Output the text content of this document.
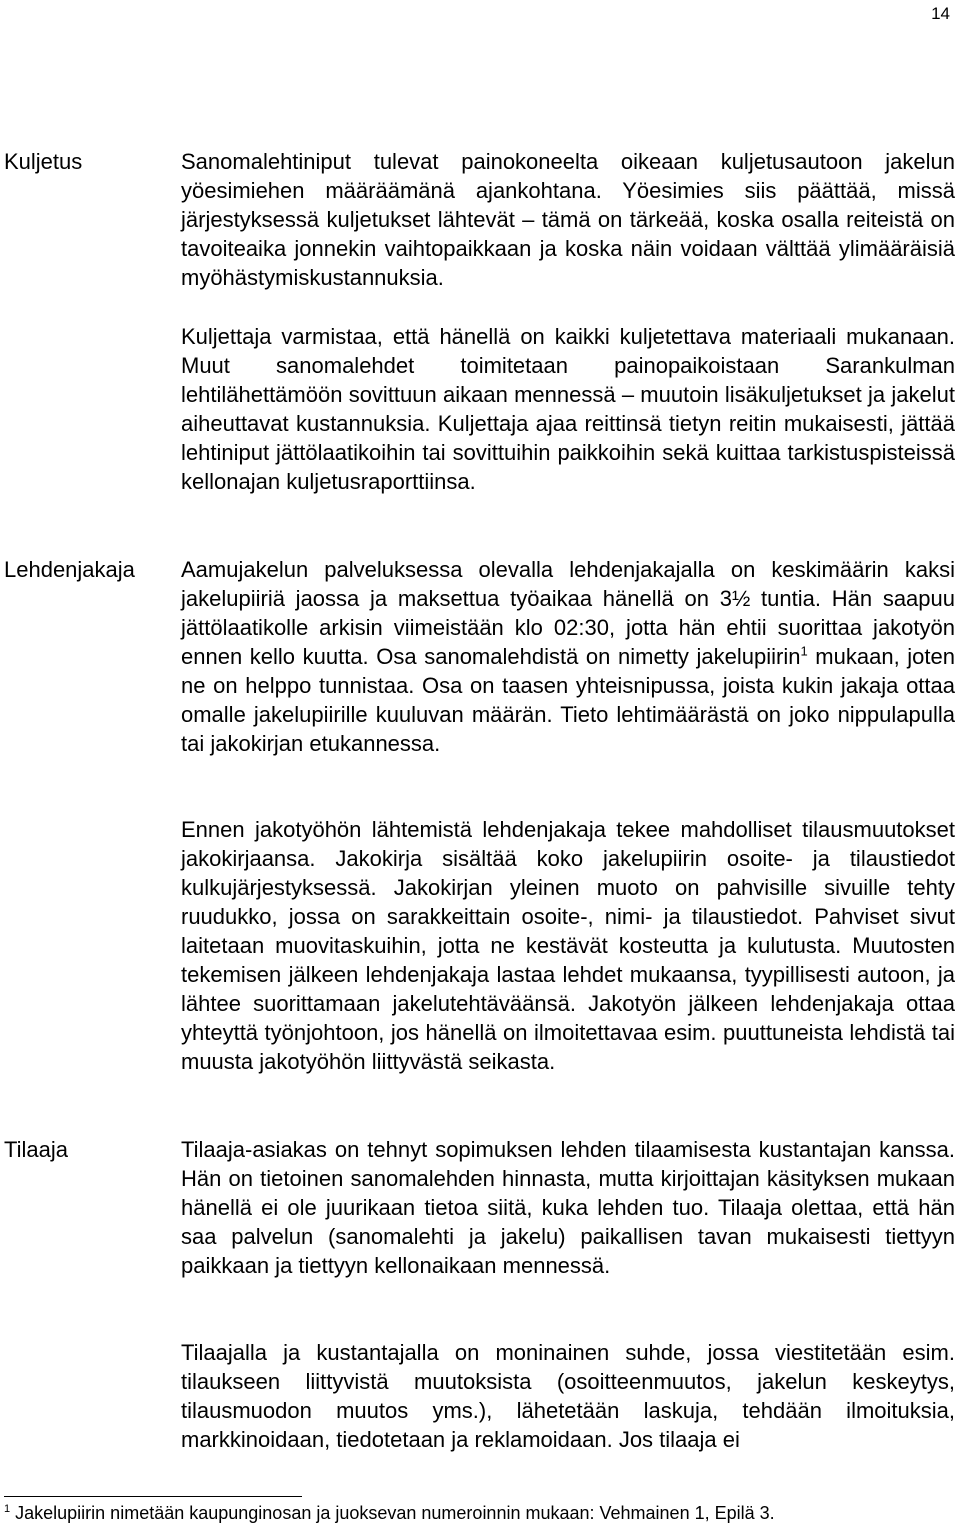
14
Kuljetus	Sanomalehtiniput tulevat painokoneelta oikeaan kuljetusautoon jakelun yöesimiehen määräämänä ajankohtana. Yöesimies siis päättää, missä järjestyksessä kuljetukset lähtevät – tämä on tärkeää, koska osalla reiteistä on tavoiteaika jonnekin vaihtopaikkaan ja koska näin voidaan välttää ylimääräisiä myöhästymiskustannuksia.

Kuljettaja varmistaa, että hänellä on kaikki kuljetettava materiaali mukanaan. Muut sanomalehdet toimitetaan painopaikoistaan Sarankulman lehtilähettämöön sovittuun aikaan mennessä – muutoin lisäkuljetukset ja jakelut aiheuttavat kustannuksia. Kuljettaja ajaa reittinsä tietyn reitin mukaisesti, jättää lehtiniput jättölaatikoihin tai sovittuihin paikkoihin sekä kuittaa tarkistuspisteissä kellonajan kuljetusraporttiinsa.

Lehdenjakaja Aamujakelun palveluksessa olevalla lehdenjakajalla on keskimäärin kaksi jakelupiiriä jaossa ja maksettua työaikaa hänellä on 3½ tuntia. Hän saapuu jättölaatikolle arkisin viimeistään klo 02:30, jotta hän ehtii suorittaa jakotyön ennen kello kuutta. Osa sanomalehdistä on nimetty jakelupiirin$^1$ mukaan, joten ne on helppo tunnistaa. Osa on taasen yhteisnipussa, joista kukin jakaja ottaa omalle jakelupiirille kuuluvan määrän. Tieto lehtimäärästä on joko nippulapulla tai jakokirjan etukannessa.

Ennen jakotyöhön lähtemistä lehdenjakaja tekee mahdolliset tilausmuutokset jakokirjaansa. Jakokirja sisältää koko jakelupiirin osoite- ja tilaustiedot kulkujärjestyksessä. Jakokirjan yleinen muoto on pahvisille sivuille tehty ruudukko, jossa on sarakkeittain osoite-, nimi- ja tilaustiedot. Pahviset sivut laitetaan muovitaskuihin, jotta ne kestävät kosteutta ja kulutusta. Muutosten tekemisen jälkeen lehdenjakaja lastaa lehdet mukaansa, tyypillisesti autoon, ja lähtee suorittamaan jakelutehtäväänsä. Jakotyön jälkeen lehdenjakaja ottaa yhteyttä työnjohtoon, jos hänellä on ilmoitettavaa esim. puuttuneista lehdistä tai muusta jakotyöhön liittyvästä seikasta.

Tilaaja	Tilaaja-asiakas on tehnyt sopimuksen lehden tilaamisesta kustantajan kanssa. Hän on tietoinen sanomalehden hinnasta, mutta kirjoittajan käsityksen mukaan hänellä ei ole juurikaan tietoa siitä, kuka lehden tuo. Tilaaja olettaa, että hän saa palvelun (sanomalehti ja jakelu) paikallisen tavan mukaisesti tiettyyn paikkaan ja tiettyyn kellonaikaan mennessä.

Tilaajalla ja kustantajalla on moninainen suhde, jossa viestitetään esim. tilaukseen liittyvistä muutoksista (osoitteenmuutos, jakelun keskeytys, tilausmuodon muutos yms.), lähetetään laskuja, tehdään ilmoituksia, markkinoidaan, tiedotetaan ja reklamoidaan. Jos tilaaja ei

$^1$ Jakelupiirin nimetään kaupunginosan ja juoksevan numeroinnin mukaan: Vehmainen 1, Epilä 3.
